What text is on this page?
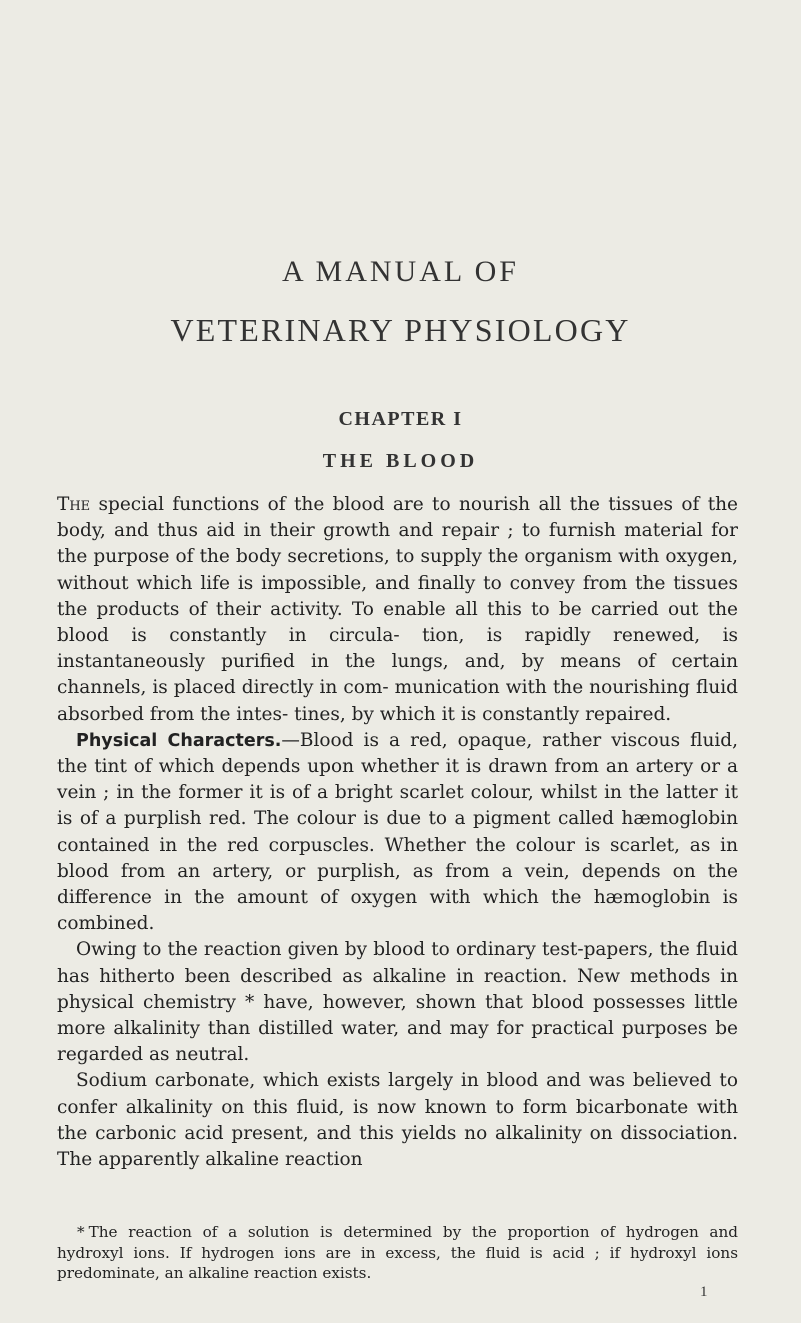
A MANUAL OF
VETERINARY PHYSIOLOGY
CHAPTER I
THE BLOOD

The special functions of the blood are to nourish all the tissues of the body, and thus aid in their growth and repair ; to furnish material for the purpose of the body secretions, to supply the organism with oxygen, without which life is impossible, and finally to convey from the tissues the products of their activity. To enable all this to be carried out the blood is constantly in circula- tion, is rapidly renewed, is instantaneously purified in the lungs, and, by means of certain channels, is placed directly in com- munication with the nourishing fluid absorbed from the intes- tines, by which it is constantly repaired.

Physical Characters.—Blood is a red, opaque, rather viscous fluid, the tint of which depends upon whether it is drawn from an artery or a vein ; in the former it is of a bright scarlet colour, whilst in the latter it is of a purplish red. The colour is due to a pigment called hæmoglobin contained in the red corpuscles. Whether the colour is scarlet, as in blood from an artery, or purplish, as from a vein, depends on the difference in the amount of oxygen with which the hæmoglobin is combined.

Owing to the reaction given by blood to ordinary test-papers, the fluid has hitherto been described as alkaline in reaction. New methods in physical chemistry * have, however, shown that blood possesses little more alkalinity than distilled water, and may for practical purposes be regarded as neutral.

Sodium carbonate, which exists largely in blood and was believed to confer alkalinity on this fluid, is now known to form bicarbonate with the carbonic acid present, and this yields no alkalinity on dissociation. The apparently alkaline reaction

* The reaction of a solution is determined by the proportion of hydrogen and hydroxyl ions. If hydrogen ions are in excess, the fluid is acid ; if hydroxyl ions predominate, an alkaline reaction exists.

1
